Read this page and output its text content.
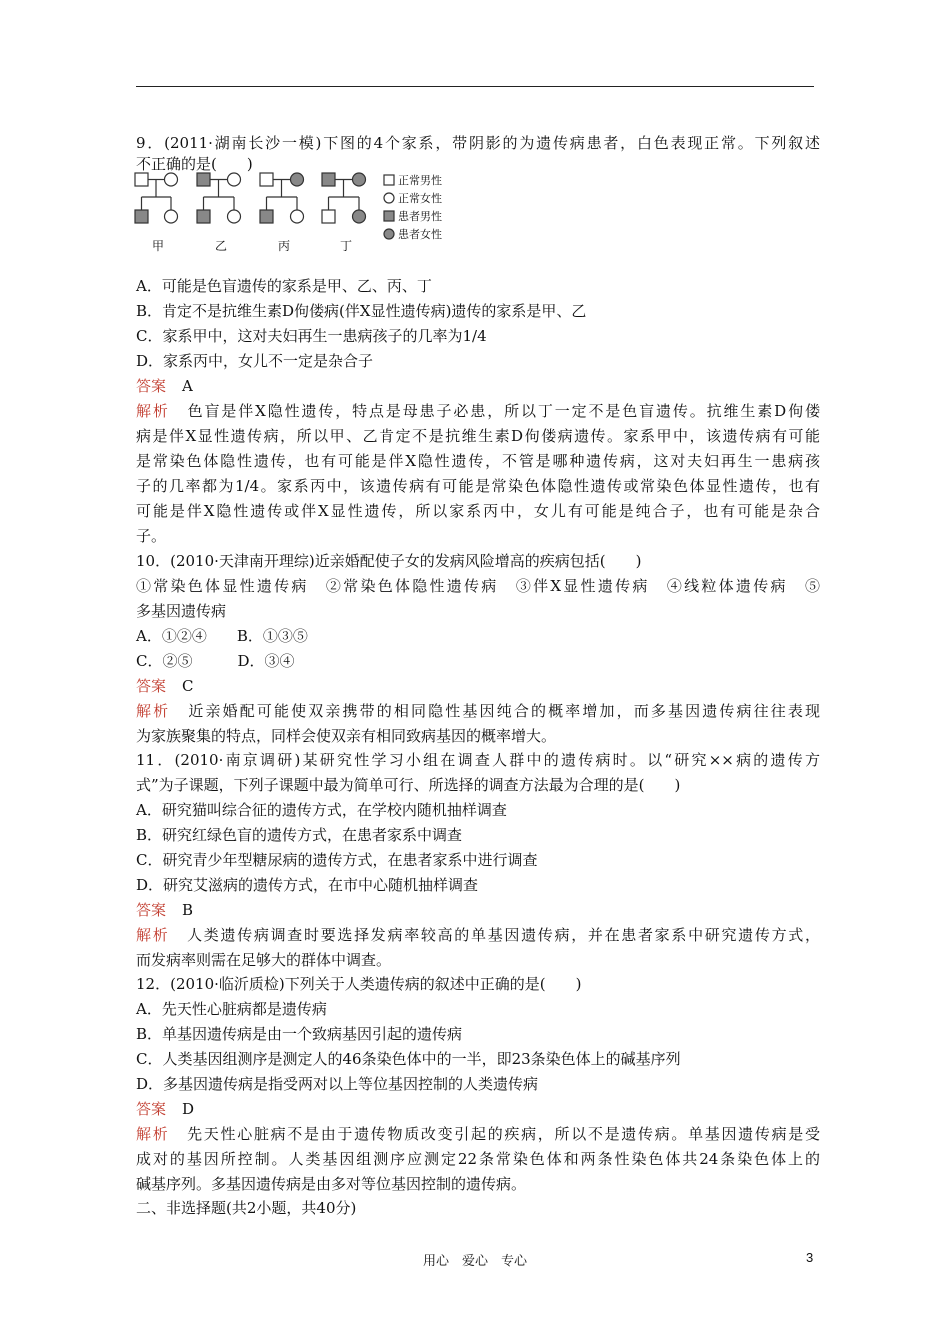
9．(2011·湖南长沙一模)下图的4个家系，带阴影的为遗传病患者，白色表现正常。下列叙述
不正确的是(　　)
正常男性
正常女性
患者男性
患者女性
甲	乙	丙	丁
A．可能是色盲遗传的家系是甲、乙、丙、丁
B．肯定不是抗维生素D佝偻病(伴X显性遗传病)遗传的家系是甲、乙
C．家系甲中，这对夫妇再生一患病孩子的几率为1/4
D．家系丙中，女儿不一定是杂合子
答案 A
解析 色盲是伴X隐性遗传，特点是母患子必患，所以丁一定不是色盲遗传。抗维生素D佝偻
病是伴X显性遗传病，所以甲、乙肯定不是抗维生素D佝偻病遗传。家系甲中，该遗传病有可能
是常染色体隐性遗传，也有可能是伴X隐性遗传，不管是哪种遗传病，这对夫妇再生一患病孩
子的几率都为1/4。家系丙中，该遗传病有可能是常染色体隐性遗传或常染色体显性遗传，也有
可能是伴X隐性遗传或伴X显性遗传，所以家系丙中，女儿有可能是纯合子，也有可能是杂合
子。
10．(2010·天津南开理综)近亲婚配使子女的发病风险增高的疾病包括(　　)
①常染色体显性遗传病　②常染色体隐性遗传病　③伴X显性遗传病　④线粒体遗传病　⑤
多基因遗传病
A．①②④　　B．①③⑤
C．②⑤　　　D．③④
答案 C
解析 近亲婚配可能使双亲携带的相同隐性基因纯合的概率增加，而多基因遗传病往往表现
为家族聚集的特点，同样会使双亲有相同致病基因的概率增大。
11．(2010·南京调研)某研究性学习小组在调查人群中的遗传病时。以“研究××病的遗传方
式”为子课题，下列子课题中最为简单可行、所选择的调查方法最为合理的是(　　)
A．研究猫叫综合征的遗传方式，在学校内随机抽样调查
B．研究红绿色盲的遗传方式，在患者家系中调查
C．研究青少年型糖尿病的遗传方式，在患者家系中进行调查
D．研究艾滋病的遗传方式，在市中心随机抽样调查
答案 B
解析 人类遗传病调查时要选择发病率较高的单基因遗传病，并在患者家系中研究遗传方式，
而发病率则需在足够大的群体中调查。
12．(2010·临沂质检)下列关于人类遗传病的叙述中正确的是(　　)
A．先天性心脏病都是遗传病
B．单基因遗传病是由一个致病基因引起的遗传病
C．人类基因组测序是测定人的46条染色体中的一半，即23条染色体上的碱基序列
D．多基因遗传病是指受两对以上等位基因控制的人类遗传病
答案 D
解析 先天性心脏病不是由于遗传物质改变引起的疾病，所以不是遗传病。单基因遗传病是受
成对的基因所控制。人类基因组测序应测定22条常染色体和两条性染色体共24条染色体上的
碱基序列。多基因遗传病是由多对等位基因控制的遗传病。
二、非选择题(共2小题，共40分)
用心　爱心　专心	3
